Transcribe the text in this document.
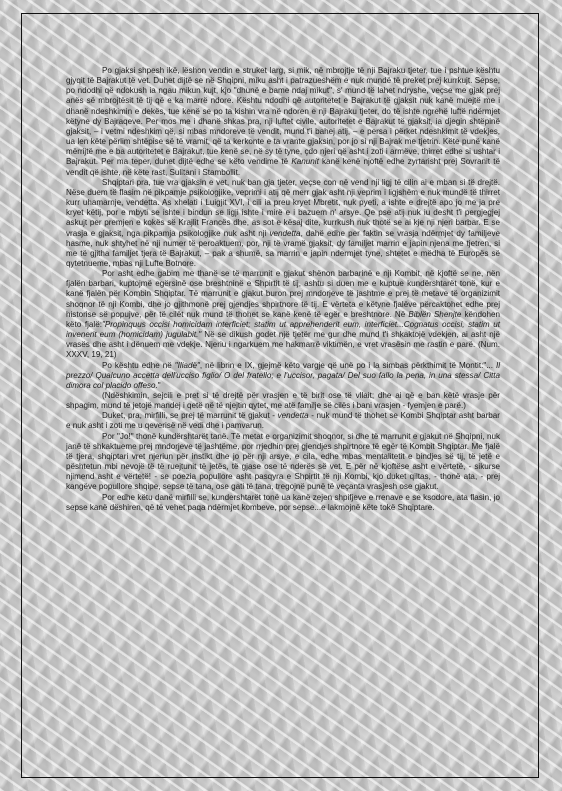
Po gjaksi shpesh ikë, lëshon vendin e struket larg, si mik, në mbrojtje të nji Bajraku tjeter, tue i pshtue kështu gjyqit të Bajrakut të vet. Duhet dijtë se në Shqipni, miku asht i patrazueshëm e nuk mundë të preket prej kurrkujt. Sepse, po ndodhi që ndokush ia ngau mikun kujt, kjo "dhunë e bame ndaj mikut", s' mund të lahet ndryshe, veçse me gjak prej anës së mbrojtësit të tij që e ka marrë ndore. Kështu ndodhi që autoritetet e Bajrakut të gjaksit nuk kanë muejtë me i dhanë ndeshkimin e dekës, tue kenë se po ta kishin vra në ndoren e nji Bajraku tjeter, do të ishte ngrehë luftë ndërmjet këtyne dy Bajraqeve. Per mos me i dhanë shkas pra, nji luftet civile, autoritetet e Bajrakut të gjaksit, ia djegin shtëpinë gjaksit, – i vetmi ndeshkim që, si mbas mndoreve të vendit, mund t'i bahej atij, – e persa i përket ndeshkimit të vdekjes, ua len këte përlim shtëpise së të vramit, që ta kerkonte e ta vrante gjaksin, por jo si nji Bajrak me tjetrin. Këte punë kanë mërrijtë me e ba autoritetet e Bajrakut, tue kenë se, në sy të tyne, çdo njeri që asht i zoti i armëve, thirret edhe si ushtar i Bajrakut. Per ma teper, duhet dijtë edhe se këto vendime të Kanunit kanë kenë njoftë edhe zyrtarisht prej Sovranit të vendit që ishte, në këte rast, Sulltani i Stambollit.

Shqiptari pra, tue vra gjaksin e vet, nuk ban gja tjeter, veçse con në vend nji ligj të cilin ai e mban si të drejtë. Nëse duem të flasim në pikpamje psikologjike, veprimi i atij që merr gjak asht nji veprim i ligjshëm e nuk mundë të thirret kurr uhamarnje, vendetta. As xhelati i Luigjit XVI, i cili ia preu kryet Mbretit, nuk pyeti, a ishte e drejtë apo jo me ja pre kryet këtij, por e mbyti se ishte i bindun se ligji ishte i mirë e i bazuem n' arsye. Qe pse atij nuk iu desht t'i pergjegjej askujt per premjen e kokës së Krajlit Francës dhe, as sot e kësaj dite, kurrkush nuk thotë se ai kje nji njeri barbar. E se vrasja e gjaksit, nga pikpamja psikologjike nuk asht nji vendetta, dahë edhe per faktin se vrasja ndërmjet dy familjeve hasme, nuk shtyhet në nji numer të peroaktuem, por, nji të vramë gjaksit, dy familjet marrin e japin njena me tjetren, si me të gjitha familjet tjera të Bajrakut, – pak a shumë, sa marrin e japin ndermjet tyne, shtetet e mëdha të Europës së qytetnueme, mbas nji Lufte Botnore.

Por asht edhe gabim me thanë se të marrunit e gjakut shënon barbarinë e nji Kombit, në kjoftë se ne, nën fjalën barbari, kuptojmë egërsinë ose breshtninë e Shpirtit të tij, ashtu si duen me e kuptue kundërshtarët tonë, kur e kanë fjalën për Kombin Shqiptar. Të marrunit e gjakut buron prej mndorjeve të jashtme e prej të metave të organizimit shoqnor të nji Kombi, dhe jo gjithmonë prej gjendjes shpirtnore të tij. E vërteta e këtyne fjalëve përcaktohet edhe prej historise së popujve, për të cilët nuk mund të thohet se kanë kenë të egër e breshtnore. Në Biblën Shenjte këndohen këto fjalë:"Propinquus occisi homicidam interficiet; statim ut apprehenderit eum, interficiet...Cognatus occisi, statim ut invenerit eum (homicidam) jugulabit." Në se dikush godet një tjetër me gur dhe mund t'i shkaktojë vdekjen, ai asht një vrasës dhe asht i dënuem me vdekje. Njeriu i ngarkuem me hakmarrë viktimën, e vret vrasësin me rastin e parë. (Num. XXXV, 19, 21)

Po kështu edhe në "Iliadë", në librin e IX, gjejmë këto vargje që unë po i la simbas përkthimit të Montit:"... Il prezzo/ Qualcuno accetta dell'ucciso figlio/ O del fratello; e l'uccisor, pagata/ Del suo fallo la pena, in una stessa/ Citta dimora col placido offeso."

(Ndëshkimin, sejcili e pret si të drejtë për vrasjen e të birit ose të vllait; dhe ai që e ban këtë vrasje për shpagim, mund të jetojë mandej i qetë në të njejtin qytet, me atë familje së cilës i bani vrasjen - fyemjen e parë.)

Duket, pra, mirfilli, se prej të marrunit të gjakut - vendetta - nuk mund të thohet se Kombi Shqiptar asht barbar e nuk asht i zoti me u qeverisë në vedi dhe i pamvarun.

Por "Jo!" thonë kundërshtarët tanë. Të metat e organizimit shoqnor, si dhe të marrunit e gjakut në Shqipni, nuk janë të shkaktueme prej mndorjeve të jashtëme, por rrjedhin prej gjendjes shpirtnore të egër të Kombit Shqiptar. Me fjalë të tjera, shqiptari vret njeriun për instikt dhe jo për nji arsye, e cila, edhe mbas mentalitetit e bindjes së tij, të jetë e pështetun mbi nevojë të të ruejtunit të jetës, të gjase ose të nderës së vet. E për në kjoftëse asht e vërtetë, - sikurse njimend asht e vërtetë! - se poezia popullore asht pasqyra e Shpirtit të nji Kombi, kjo duket qiltas, - thonë ata, - prej kangëve popullore shqipe, sepse të tana, ose gati të tana, tregojnë punë të veçanta vrasjesh ose gjakut.

Por edhe këtu danë mirfilli se, kundershtarët tonë ua kanë zejen shpifjeve e rrenave e se ksodore, ata flasin, jo sepse kanë dëshiren, që të vehet paqa ndërmjet kombeve, por sepse...e lakmojnë këte tokë Shqiptare.
